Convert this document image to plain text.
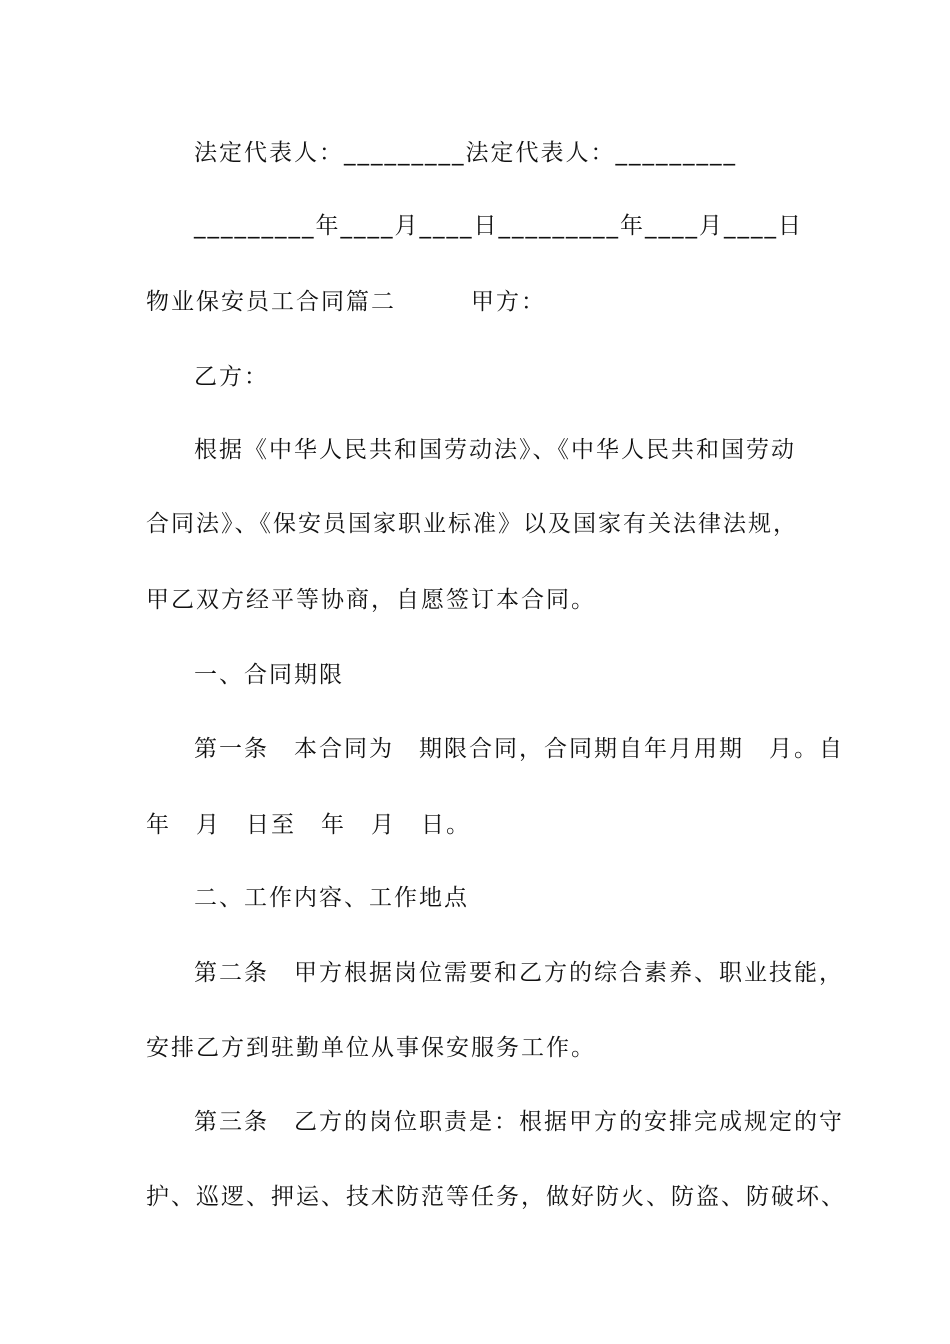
法定代表人：_________法定代表人：_________
_________年____月____日_________年____月____日
物业保安员工合同篇二　　　甲方：
乙方：
根据《中华人民共和国劳动法》、《中华人民共和国劳动
合同法》、《保安员国家职业标准》以及国家有关法律法规，
甲乙双方经平等协商，自愿签订本合同。
一、合同期限
第一条　本合同为　期限合同，合同期自年月用期　月。自
年　月　日至　年　月　日。
二、工作内容、工作地点
第二条　甲方根据岗位需要和乙方的综合素养、职业技能，
安排乙方到驻勤单位从事保安服务工作。
第三条　乙方的岗位职责是：根据甲方的安排完成规定的守
护、巡逻、押运、技术防范等任务，做好防火、防盗、防破坏、
